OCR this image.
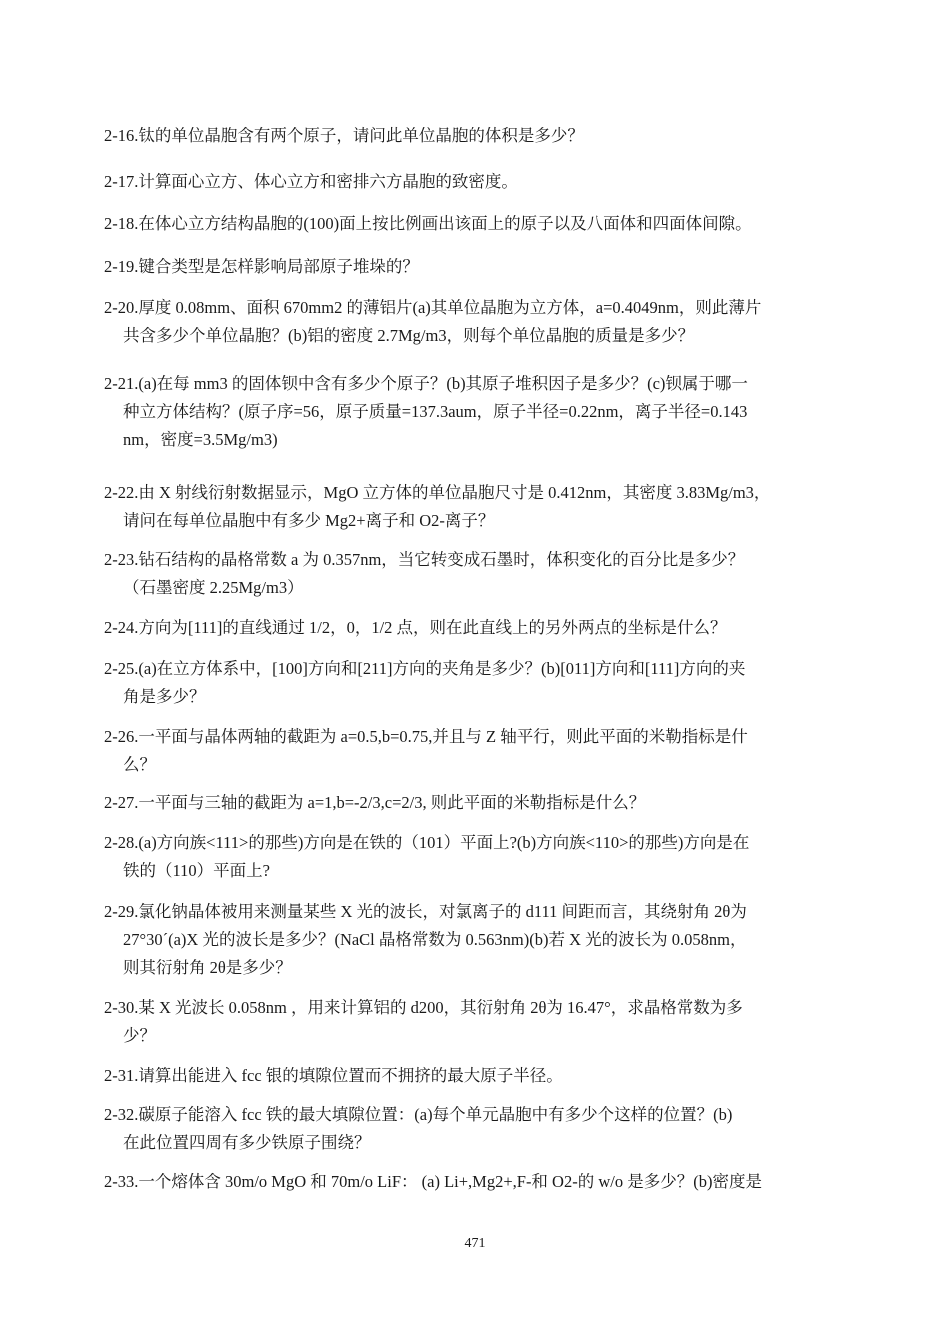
2-16.钛的单位晶胞含有两个原子，请问此单位晶胞的体积是多少？
2-17.计算面心立方、体心立方和密排六方晶胞的致密度。
2-18.在体心立方结构晶胞的(100)面上按比例画出该面上的原子以及八面体和四面体间隙。
2-19.键合类型是怎样影响局部原子堆垛的？
2-20.厚度 0.08mm、面积 670mm2 的薄铝片(a)其单位晶胞为立方体，a=0.4049nm，则此薄片
共含多少个单位晶胞？(b)铝的密度 2.7Mg/m3，则每个单位晶胞的质量是多少？
2-21.(a)在每 mm3 的固体钡中含有多少个原子？(b)其原子堆积因子是多少？(c)钡属于哪一
种立方体结构？(原子序=56，原子质量=137.3aum，原子半径=0.22nm，离子半径=0.143
nm，密度=3.5Mg/m3)
2-22.由 X 射线衍射数据显示，MgO 立方体的单位晶胞尺寸是 0.412nm，其密度 3.83Mg/m3，
请问在每单位晶胞中有多少 Mg2+离子和 O2-离子？
2-23.钻石结构的晶格常数 a 为 0.357nm，当它转变成石墨时，体积变化的百分比是多少？
（石墨密度 2.25Mg/m3）
2-24.方向为[111]的直线通过 1/2，0，1/2 点，则在此直线上的另外两点的坐标是什么？
2-25.(a)在立方体系中，[100]方向和[211]方向的夹角是多少？(b)[011]方向和[111]方向的夹
角是多少？
2-26.一平面与晶体两轴的截距为 a=0.5,b=0.75,并且与 Z 轴平行，则此平面的米勒指标是什
么？
2-27.一平面与三轴的截距为 a=1,b=-2/3,c=2/3, 则此平面的米勒指标是什么？
2-28.(a)方向族<111>的那些)方向是在铁的（101）平面上?(b)方向族<110>的那些)方向是在
铁的（110）平面上?
2-29.氯化钠晶体被用来测量某些 X 光的波长，对氯离子的 d111 间距而言，其绕射角 2θ为
27°30´(a)X 光的波长是多少？(NaCl 晶格常数为 0.563nm)(b)若 X 光的波长为 0.058nm，
则其衍射角 2θ是多少？
2-30.某 X 光波长 0.058nm ，用来计算铝的 d200，其衍射角 2θ为 16.47°，求晶格常数为多
少？
2-31.请算出能进入 fcc 银的填隙位置而不拥挤的最大原子半径。
2-32.碳原子能溶入 fcc 铁的最大填隙位置：(a)每个单元晶胞中有多少个这样的位置？(b)
在此位置四周有多少铁原子围绕？
2-33.一个熔体含 30m/o MgO 和 70m/o LiF： (a) Li+,Mg2+,F-和 O2-的 w/o 是多少？(b)密度是
471
